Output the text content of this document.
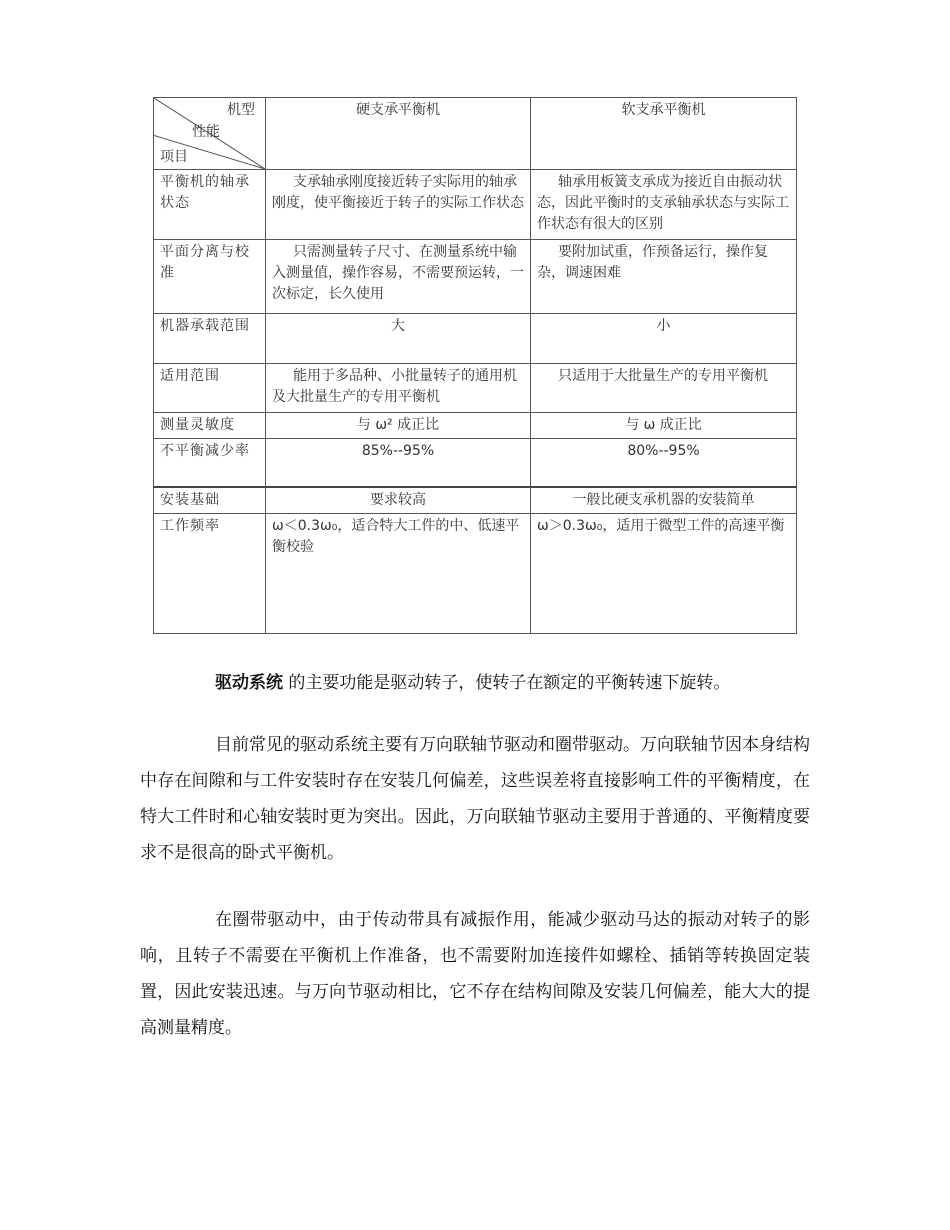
机型
性能
项目	硬支承平衡机	软支承平衡机
平衡机的轴承状态	支承轴承刚度接近转子实际用的轴承刚度，使平衡接近于转子的实际工作状态	轴承用板簧支承成为接近自由振动状态，因此平衡时的支承轴承状态与实际工作状态有很大的区别
平面分离与校准	只需测量转子尺寸、在测量系统中输入测量值，操作容易，不需要预运转，一次标定，长久使用	要附加试重，作预备运行，操作复杂，调速困难
机器承载范围	大	小
适用范围	能用于多品种、小批量转子的通用机及大批量生产的专用平衡机	只适用于大批量生产的专用平衡机
测量灵敏度	与 ω² 成正比	与 ω 成正比
不平衡减少率	85%--95%	80%--95%
安装基础	要求较高	一般比硬支承机器的安装简单
工作频率	ω＜0.3ω₀，适合特大工件的中、低速平衡校验	ω＞0.3ω₀，适用于微型工件的高速平衡

驱动系统 的主要功能是驱动转子，使转子在额定的平衡转速下旋转。

目前常见的驱动系统主要有万向联轴节驱动和圈带驱动。万向联轴节因本身结构中存在间隙和与工件安装时存在安装几何偏差，这些误差将直接影响工件的平衡精度，在特大工件时和心轴安装时更为突出。因此，万向联轴节驱动主要用于普通的、平衡精度要求不是很高的卧式平衡机。

在圈带驱动中，由于传动带具有减振作用，能减少驱动马达的振动对转子的影响，且转子不需要在平衡机上作准备，也不需要附加连接件如螺栓、插销等转换固定装置，因此安装迅速。与万向节驱动相比，它不存在结构间隙及安装几何偏差，能大大的提高测量精度。
